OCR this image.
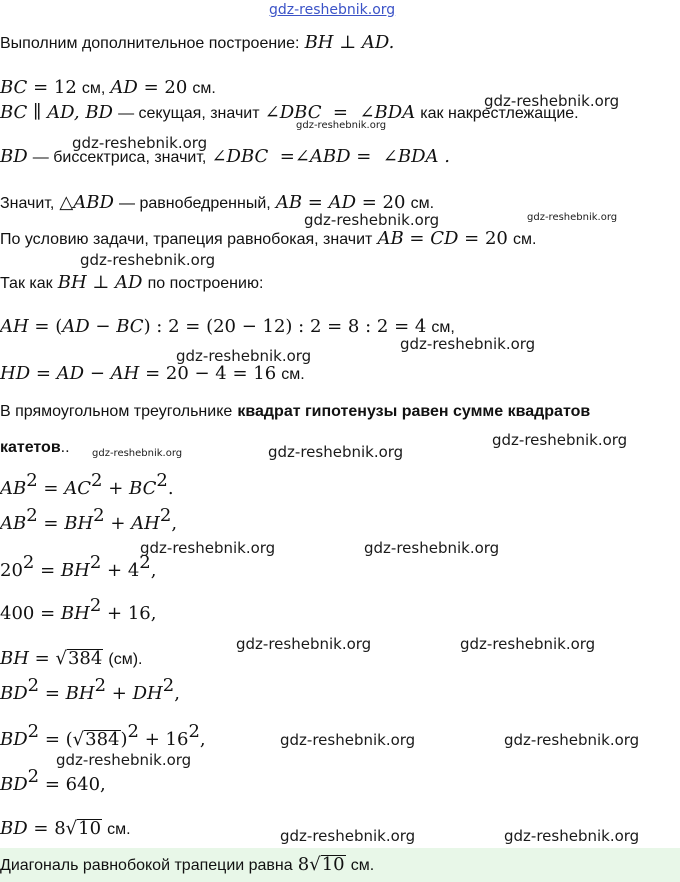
gdz-reshebnik.org
Выполним дополнительное построение: BH ⊥ AD.
BC = 12 см, AD = 20 см.
BC ∥ AD, BD — секущая, значит ∠DBC  =  ∠BDA как накрестлежащие.
BD — биссектриса, значит, ∠DBC  =∠ABD =  ∠BDA .
Значит, △ABD — равнобедренный, AB = AD = 20 см.
По условию задачи, трапеция равнобокая, значит AB = CD = 20 см.
Так как BH ⊥ AD по построению:
AH = (AD − BC) : 2 = (20 − 12) : 2 = 8 : 2 = 4 см,
HD = AD − AH = 20 − 4 = 16 см.
В прямоугольном треугольнике квадрат гипотенузы равен сумме квадратов
катетов..
$AB^2 = AC^2 + BC^2$.
$AB^2 = BH^2 + AH^2$,
$20^2 = BH^2 + 4^2$,
$400 = BH^2 + 16$,
BH = √384 (см).
$BD^2 = BH^2 + DH^2$,
$BD^2 = (√384)^2 + 16^2$,
$BD^2 = 640$,
BD = 8√10 см.
Диагональ равнобокой трапеции равна 8√10 см.
gdz-reshebnik.org
gdz-reshebnik.org
gdz-reshebnik.org
gdz-reshebnik.org	gdz-reshebnik.org
gdz-reshebnik.org
gdz-reshebnik.org
gdz-reshebnik.org
gdz-reshebnik.org
gdz-reshebnik.org	gdz-reshebnik.org
gdz-reshebnik.org	gdz-reshebnik.org
gdz-reshebnik.org	gdz-reshebnik.org
gdz-reshebnik.org	gdz-reshebnik.org
gdz-reshebnik.org
gdz-reshebnik.org	gdz-reshebnik.org
